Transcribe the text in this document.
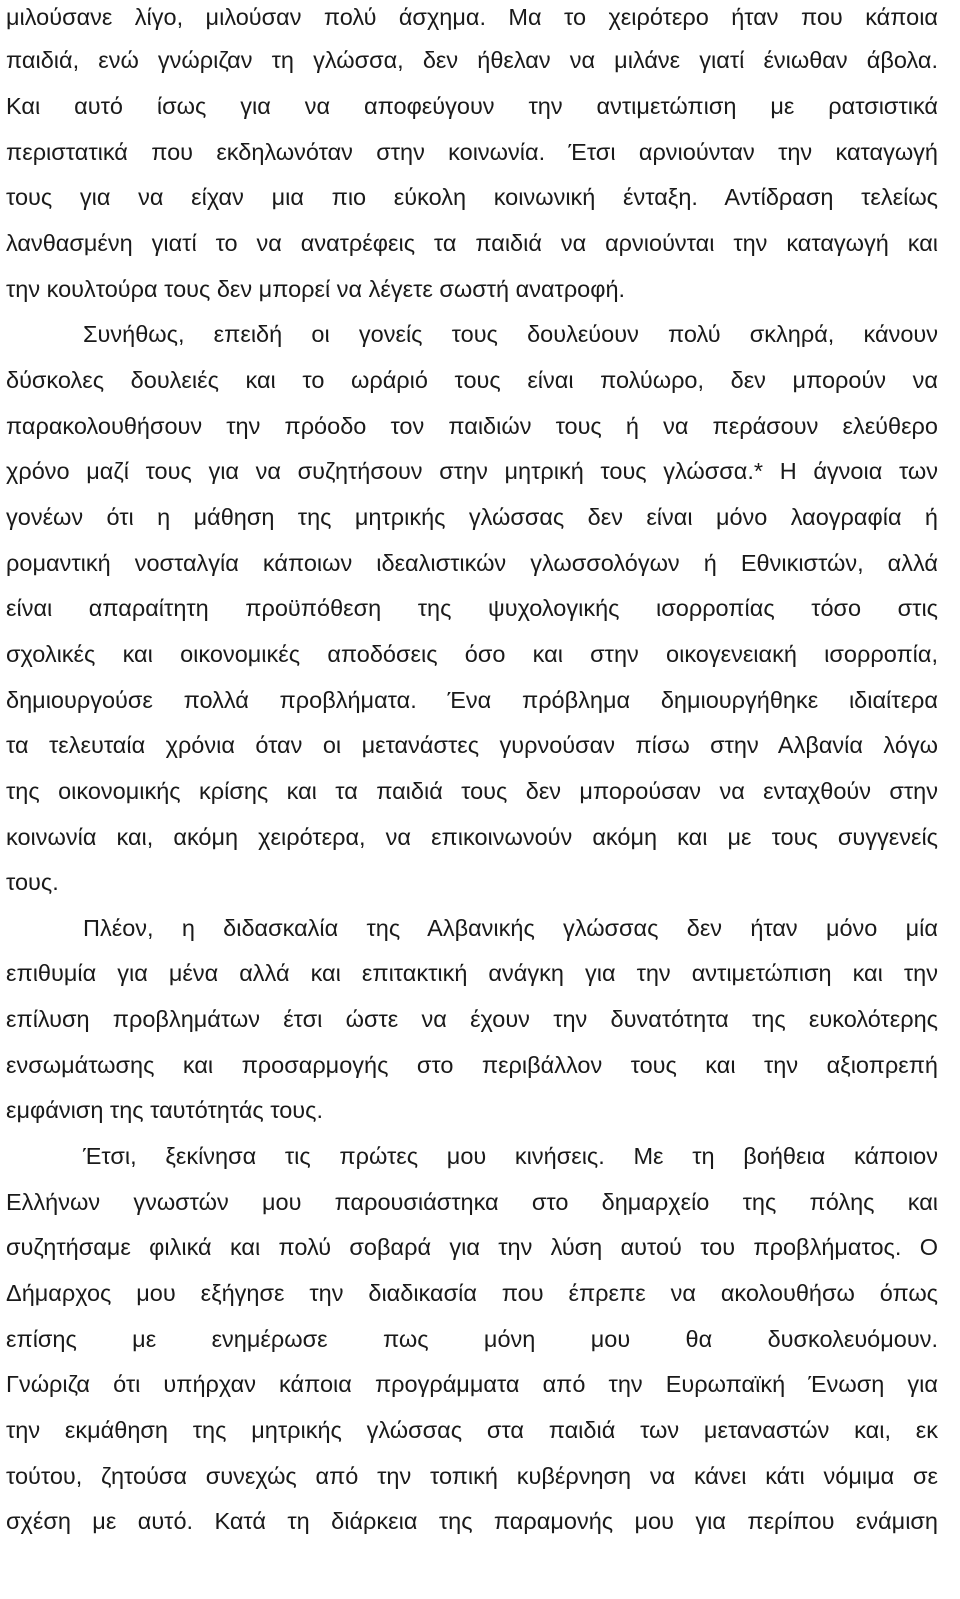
μιλούσανε λίγο, μιλούσαν πολύ άσχημα. Μα το χειρότερο ήταν που κάποια
παιδιά, ενώ γνώριζαν τη γλώσσα, δεν ήθελαν να μιλάνε γιατί ένιωθαν άβολα.
Και αυτό ίσως για να αποφεύγουν την αντιμετώπιση με ρατσιστικά
περιστατικά που εκδηλωνόταν στην κοινωνία. Έτσι αρνιούνταν την καταγωγή
τους για να είχαν μια πιο εύκολη κοινωνική ένταξη. Αντίδραση τελείως
λανθασμένη γιατί το να ανατρέφεις τα παιδιά να αρνιούνται την καταγωγή και
την κουλτούρα τους δεν μπορεί να λέγετε σωστή ανατροφή.
Συνήθως, επειδή οι γονείς τους δουλεύουν πολύ σκληρά, κάνουν
δύσκολες δουλειές και το ωράριό τους είναι πολύωρο, δεν μπορούν να
παρακολουθήσουν την πρόοδο τον παιδιών τους ή να περάσουν ελεύθερο
χρόνο μαζί τους για να συζητήσουν στην μητρική τους γλώσσα.* Η άγνοια των
γονέων ότι η μάθηση της μητρικής γλώσσας δεν είναι μόνο λαογραφία ή
ρομαντική νοσταλγία κάποιων ιδεαλιστικών γλωσσολόγων ή Εθνικιστών, αλλά
είναι απαραίτητη προϋπόθεση της ψυχολογικής ισορροπίας τόσο στις
σχολικές και οικονομικές αποδόσεις όσο και στην οικογενειακή ισορροπία,
δημιουργούσε πολλά προβλήματα. Ένα πρόβλημα δημιουργήθηκε ιδιαίτερα
τα τελευταία χρόνια όταν οι μετανάστες γυρνούσαν πίσω στην Αλβανία λόγω
της οικονομικής κρίσης και τα παιδιά τους δεν μπορούσαν να ενταχθούν στην
κοινωνία και, ακόμη χειρότερα, να επικοινωνούν ακόμη και με τους συγγενείς
τους.
Πλέον, η διδασκαλία της Αλβανικής γλώσσας δεν ήταν μόνο μία
επιθυμία για μένα αλλά και επιτακτική ανάγκη για την αντιμετώπιση και την
επίλυση προβλημάτων έτσι ώστε να έχουν την δυνατότητα της ευκολότερης
ενσωμάτωσης και προσαρμογής στο περιβάλλον τους και την αξιοπρεπή
εμφάνιση της ταυτότητάς τους.
Έτσι, ξεκίνησα τις πρώτες μου κινήσεις. Με τη βοήθεια κάποιον
Ελλήνων γνωστών μου παρουσιάστηκα στο δημαρχείο της πόλης και
συζητήσαμε φιλικά και πολύ σοβαρά για την λύση αυτού του προβλήματος. Ο
Δήμαρχος μου εξήγησε την διαδικασία που έπρεπε να ακολουθήσω όπως
επίσης με ενημέρωσε πως μόνη μου θα δυσκολευόμουν.
Γνώριζα ότι υπήρχαν κάποια προγράμματα από την Ευρωπαϊκή Ένωση για
την εκμάθηση της μητρικής γλώσσας στα παιδιά των μεταναστών και, εκ
τούτου, ζητούσα συνεχώς από την τοπική κυβέρνηση να κάνει κάτι νόμιμα σε
σχέση με αυτό. Κατά τη διάρκεια της παραμονής μου για περίπου ενάμιση
